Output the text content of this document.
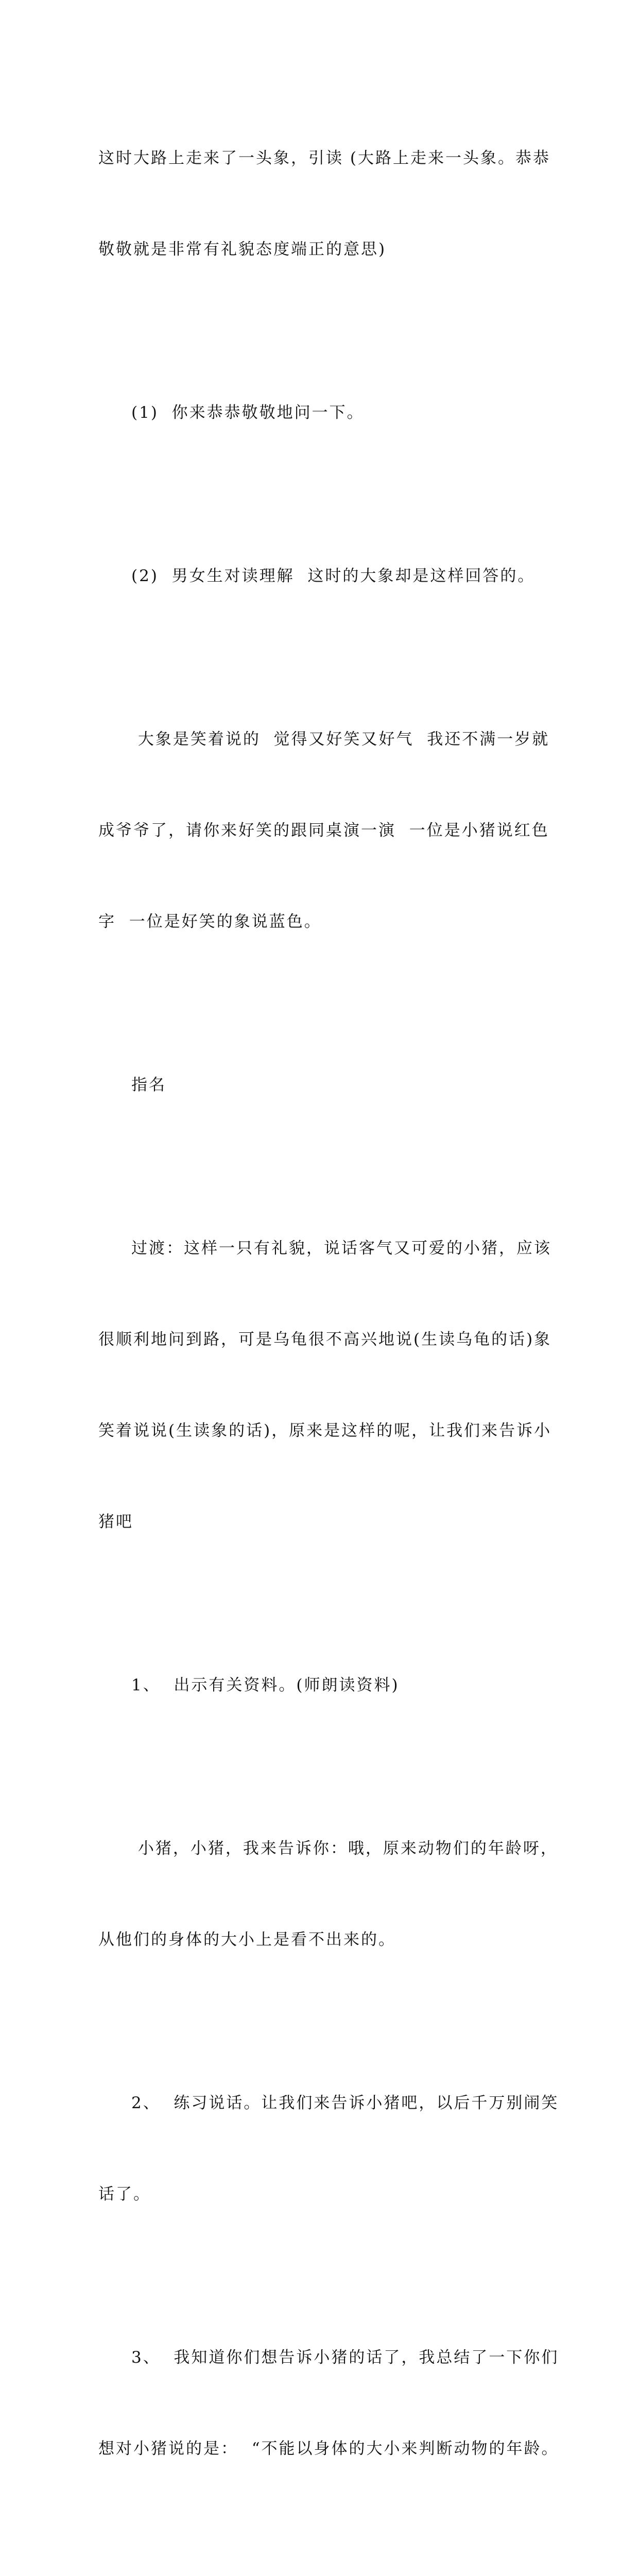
这时大路上走来了一头象，引读 (大路上走来一头象。恭恭

敬敬就是非常有礼貌态度端正的意思)

(1)  你来恭恭敬敬地问一下。

(2)  男女生对读理解  这时的大象却是这样回答的。

大象是笑着说的  觉得又好笑又好气  我还不满一岁就

成爷爷了，请你来好笑的跟同桌演一演  一位是小猪说红色

字  一位是好笑的象说蓝色。

指名

过渡：这样一只有礼貌，说话客气又可爱的小猪，应该

很顺利地问到路，可是乌龟很不高兴地说(生读乌龟的话)象

笑着说说(生读象的话)，原来是这样的呢，让我们来告诉小

猪吧

1、  出示有关资料。(师朗读资料)

小猪，小猪，我来告诉你：哦，原来动物们的年龄呀，

从他们的身体的大小上是看不出来的。

2、  练习说话。让我们来告诉小猪吧，以后千万别闹笑

话了。

3、  我知道你们想告诉小猪的话了，我总结了一下你们

想对小猪说的是：  “不能以身体的大小来判断动物的年龄。
